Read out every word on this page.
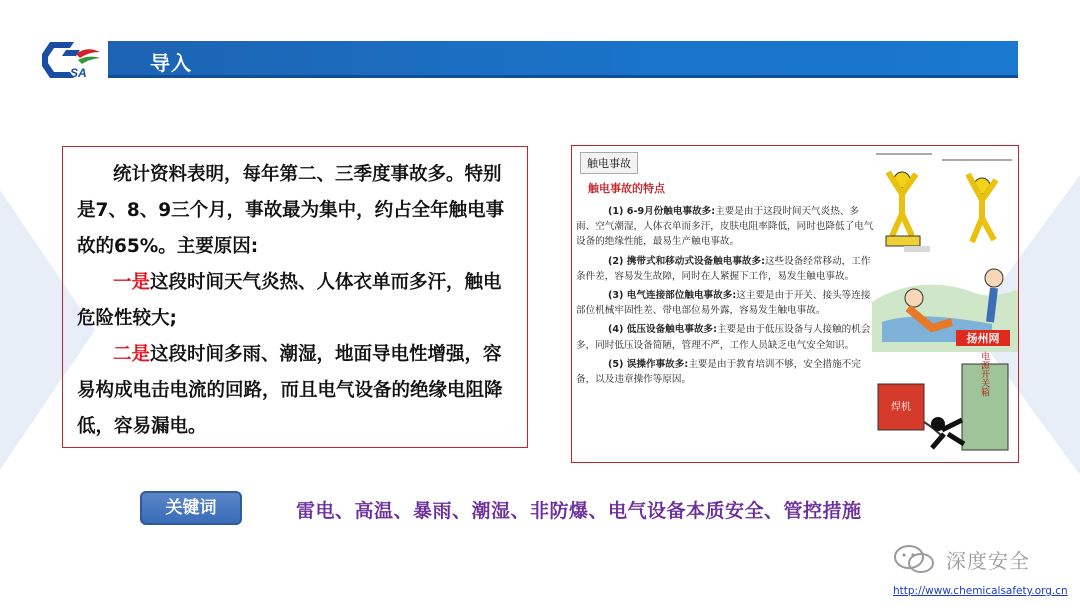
SA	导入

统计资料表明，每年第二、三季度事故多。特别是7、8、9三个月，事故最为集中，约占全年触电事故的65%。主要原因:

一是这段时间天气炎热、人体衣单而多汗，触电危险性较大;

二是这段时间多雨、潮湿，地面导电性增强，容易构成电击电流的回路，而且电气设备的绝缘电阻降低，容易漏电。

触电事故
触电事故的特点

(1) 6-9月份触电事故多:主要是由于这段时间天气炎热、多雨、空气潮湿，人体衣单而多汗，皮肤电阻率降低，同时也降低了电气设备的绝缘性能，最易生产触电事故。

(2) 携带式和移动式设备触电事故多:这些设备经常移动，工作条件差，容易发生故障，同时在人紧握下工作，易发生触电事故。

(3) 电气连接部位触电事故多:这主要是由于开关、接头等连接部位机械牢固性差、带电部位易外露，容易发生触电事故。

(4) 低压设备触电事故多:主要是由于低压设备与人接触的机会多，同时低压设备简陋，管理不严，工作人员缺乏电气安全知识。

(5) 误操作事故多:主要是由于教育培训不够，安全措施不完备，以及违章操作等原因。

扬州网
焊机
电源开关箱
关键词	雷电、高温、暴雨、潮湿、非防爆、电气设备本质安全、管控措施
深度安全
http://www.chemicalsafety.org.cn
